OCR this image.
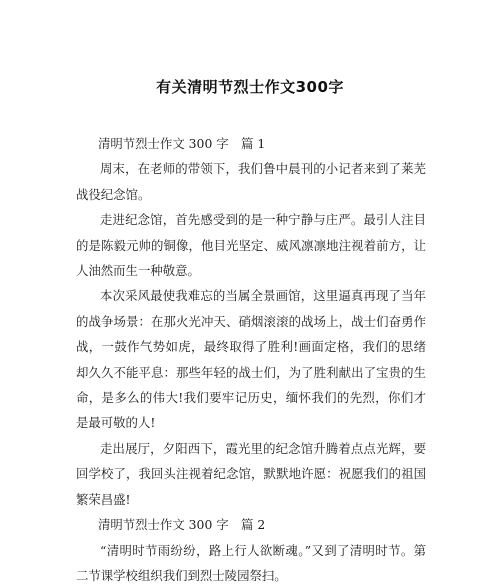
有关清明节烈士作文300字

清明节烈士作文 300 字　篇 1

周末，在老师的带领下，我们鲁中晨刊的小记者来到了莱芜战役纪念馆。

走进纪念馆，首先感受到的是一种宁静与庄严。最引人注目的是陈毅元帅的铜像，他目光坚定、威风凛凛地注视着前方，让人油然而生一种敬意。

本次采风最使我难忘的当属全景画馆，这里逼真再现了当年的战争场景：在那火光冲天、硝烟滚滚的战场上，战士们奋勇作战，一鼓作气势如虎，最终取得了胜利!画面定格，我们的思绪却久久不能平息：那些年轻的战士们，为了胜利献出了宝贵的生命，是多么的伟大!我们要牢记历史，缅怀我们的先烈，你们才是最可敬的人!

走出展厅，夕阳西下，霞光里的纪念馆升腾着点点光辉，要回学校了，我回头注视着纪念馆，默默地许愿：祝愿我们的祖国繁荣昌盛!

清明节烈士作文 300 字　篇 2

“清明时节雨纷纷，路上行人欲断魂。”又到了清明时节。第二节课学校组织我们到烈士陵园祭扫。
